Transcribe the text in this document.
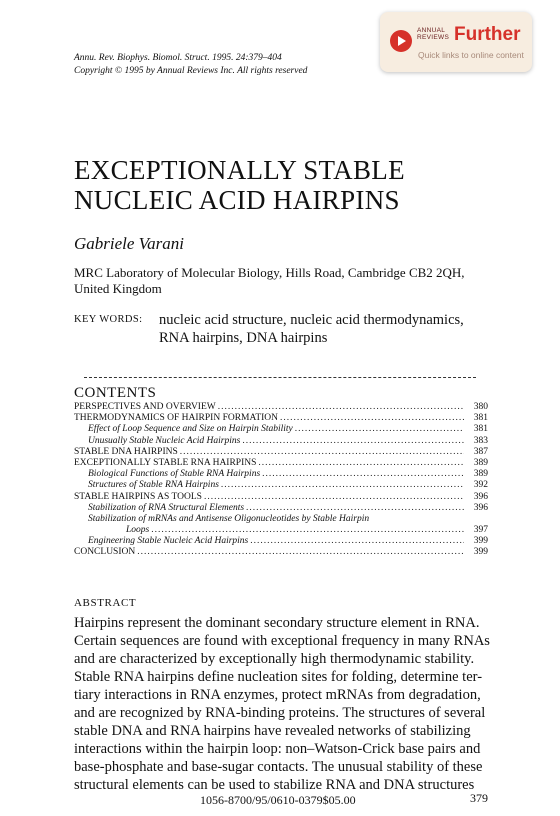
ANNUAL
REVIEWS Further
Quick links to online content
Annu. Rev. Biophys. Biomol. Struct. 1995. 24:379–404
Copyright © 1995 by Annual Reviews Inc. All rights reserved
EXCEPTIONALLY STABLE
NUCLEIC ACID HAIRPINS
Gabriele Varani
MRC Laboratory of Molecular Biology, Hills Road, Cambridge CB2 2QH,
United Kingdom
KEY WORDS: nucleic acid structure, nucleic acid thermodynamics,
RNA hairpins, DNA hairpins
CONTENTS
PERSPECTIVES AND OVERVIEW .....	380
THERMODYNAMICS OF HAIRPIN FORMATION .....	381
Effect of Loop Sequence and Size on Hairpin Stability .....	381
Unusually Stable Nucleic Acid Hairpins .....	383
STABLE DNA HAIRPINS .....	387
EXCEPTIONALLY STABLE RNA HAIRPINS .....	389
Biological Functions of Stable RNA Hairpins .....	389
Structures of Stable RNA Hairpins .....	392
STABLE HAIRPINS AS TOOLS .....	396
Stabilization of RNA Structural Elements .....	396
Stabilization of mRNAs and Antisense Oligonucleotides by Stable Hairpin
Loops .....	397
Engineering Stable Nucleic Acid Hairpins .....	399
CONCLUSION .....	399
ABSTRACT
Hairpins represent the dominant secondary structure element in RNA.
Certain sequences are found with exceptional frequency in many RNAs
and are characterized by exceptionally high thermodynamic stability.
Stable RNA hairpins define nucleation sites for folding, determine ter-
tiary interactions in RNA enzymes, protect mRNAs from degradation,
and are recognized by RNA-binding proteins. The structures of several
stable DNA and RNA hairpins have revealed networks of stabilizing
interactions within the hairpin loop: non–Watson-Crick base pairs and
base-phosphate and base-sugar contacts. The unusual stability of these
structural elements can be used to stabilize RNA and DNA structures
1056-8700/95/0610-0379$05.00	379
